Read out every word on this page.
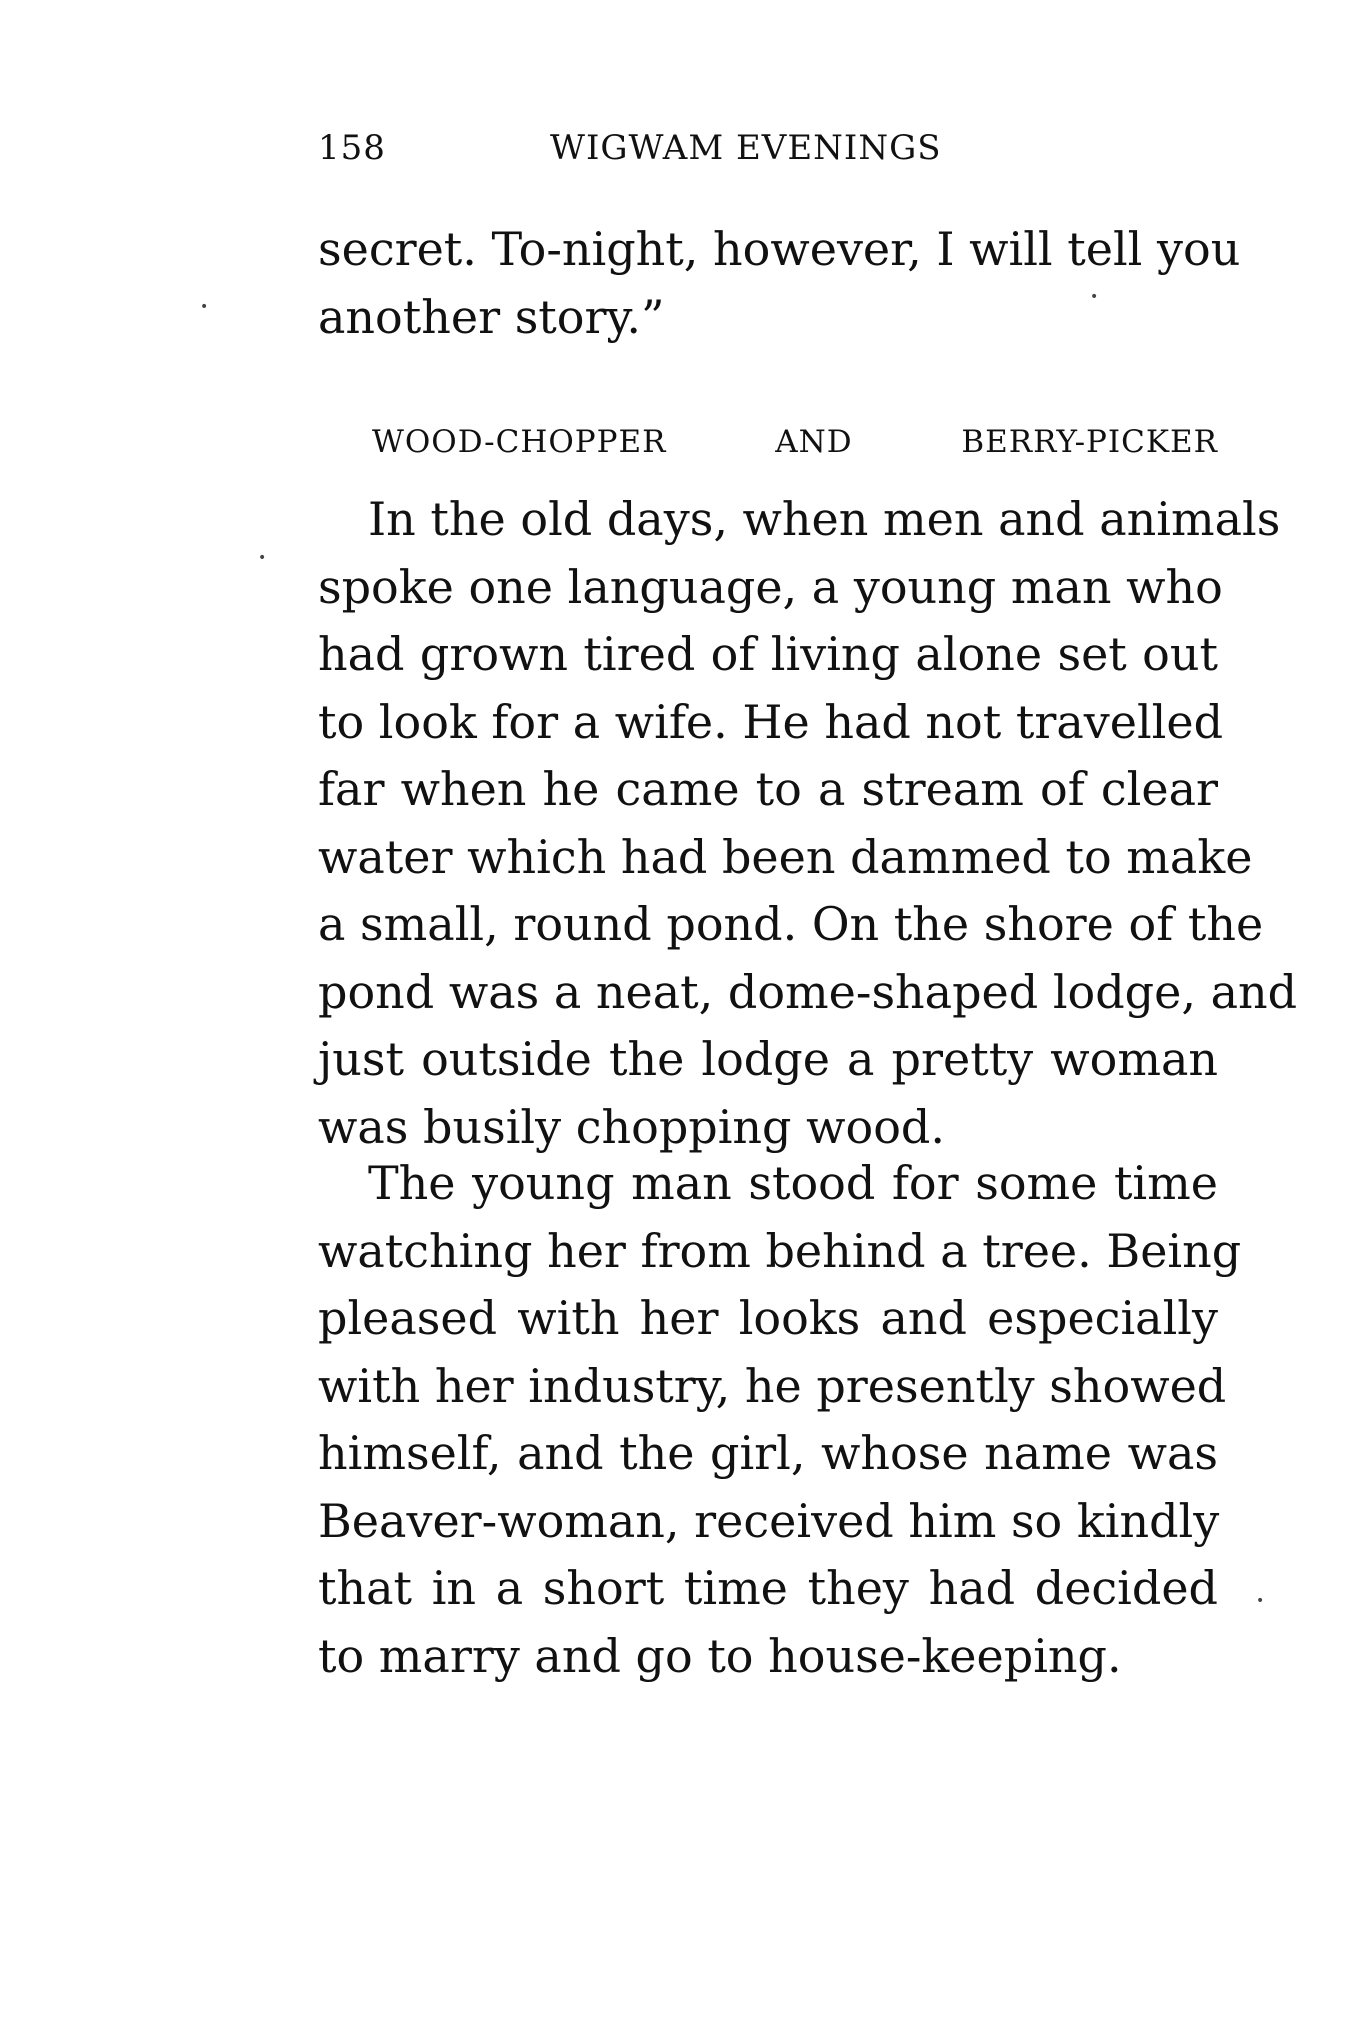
158	WIGWAM EVENINGS
secret. To-night, however, I will tell you
another story.”
WOOD-CHOPPER AND BERRY-PICKER
In the old days, when men and animals
spoke one language, a young man who
had grown tired of living alone set out
to look for a wife. He had not travelled
far when he came to a stream of clear
water which had been dammed to make
a small, round pond. On the shore of the
pond was a neat, dome-shaped lodge, and
just outside the lodge a pretty woman
was busily chopping wood.
The young man stood for some time
watching her from behind a tree. Being
pleased with her looks and especially
with her industry, he presently showed
himself, and the girl, whose name was
Beaver-woman, received him so kindly
that in a short time they had decided
to marry and go to house-keeping.
•
•
•
•
